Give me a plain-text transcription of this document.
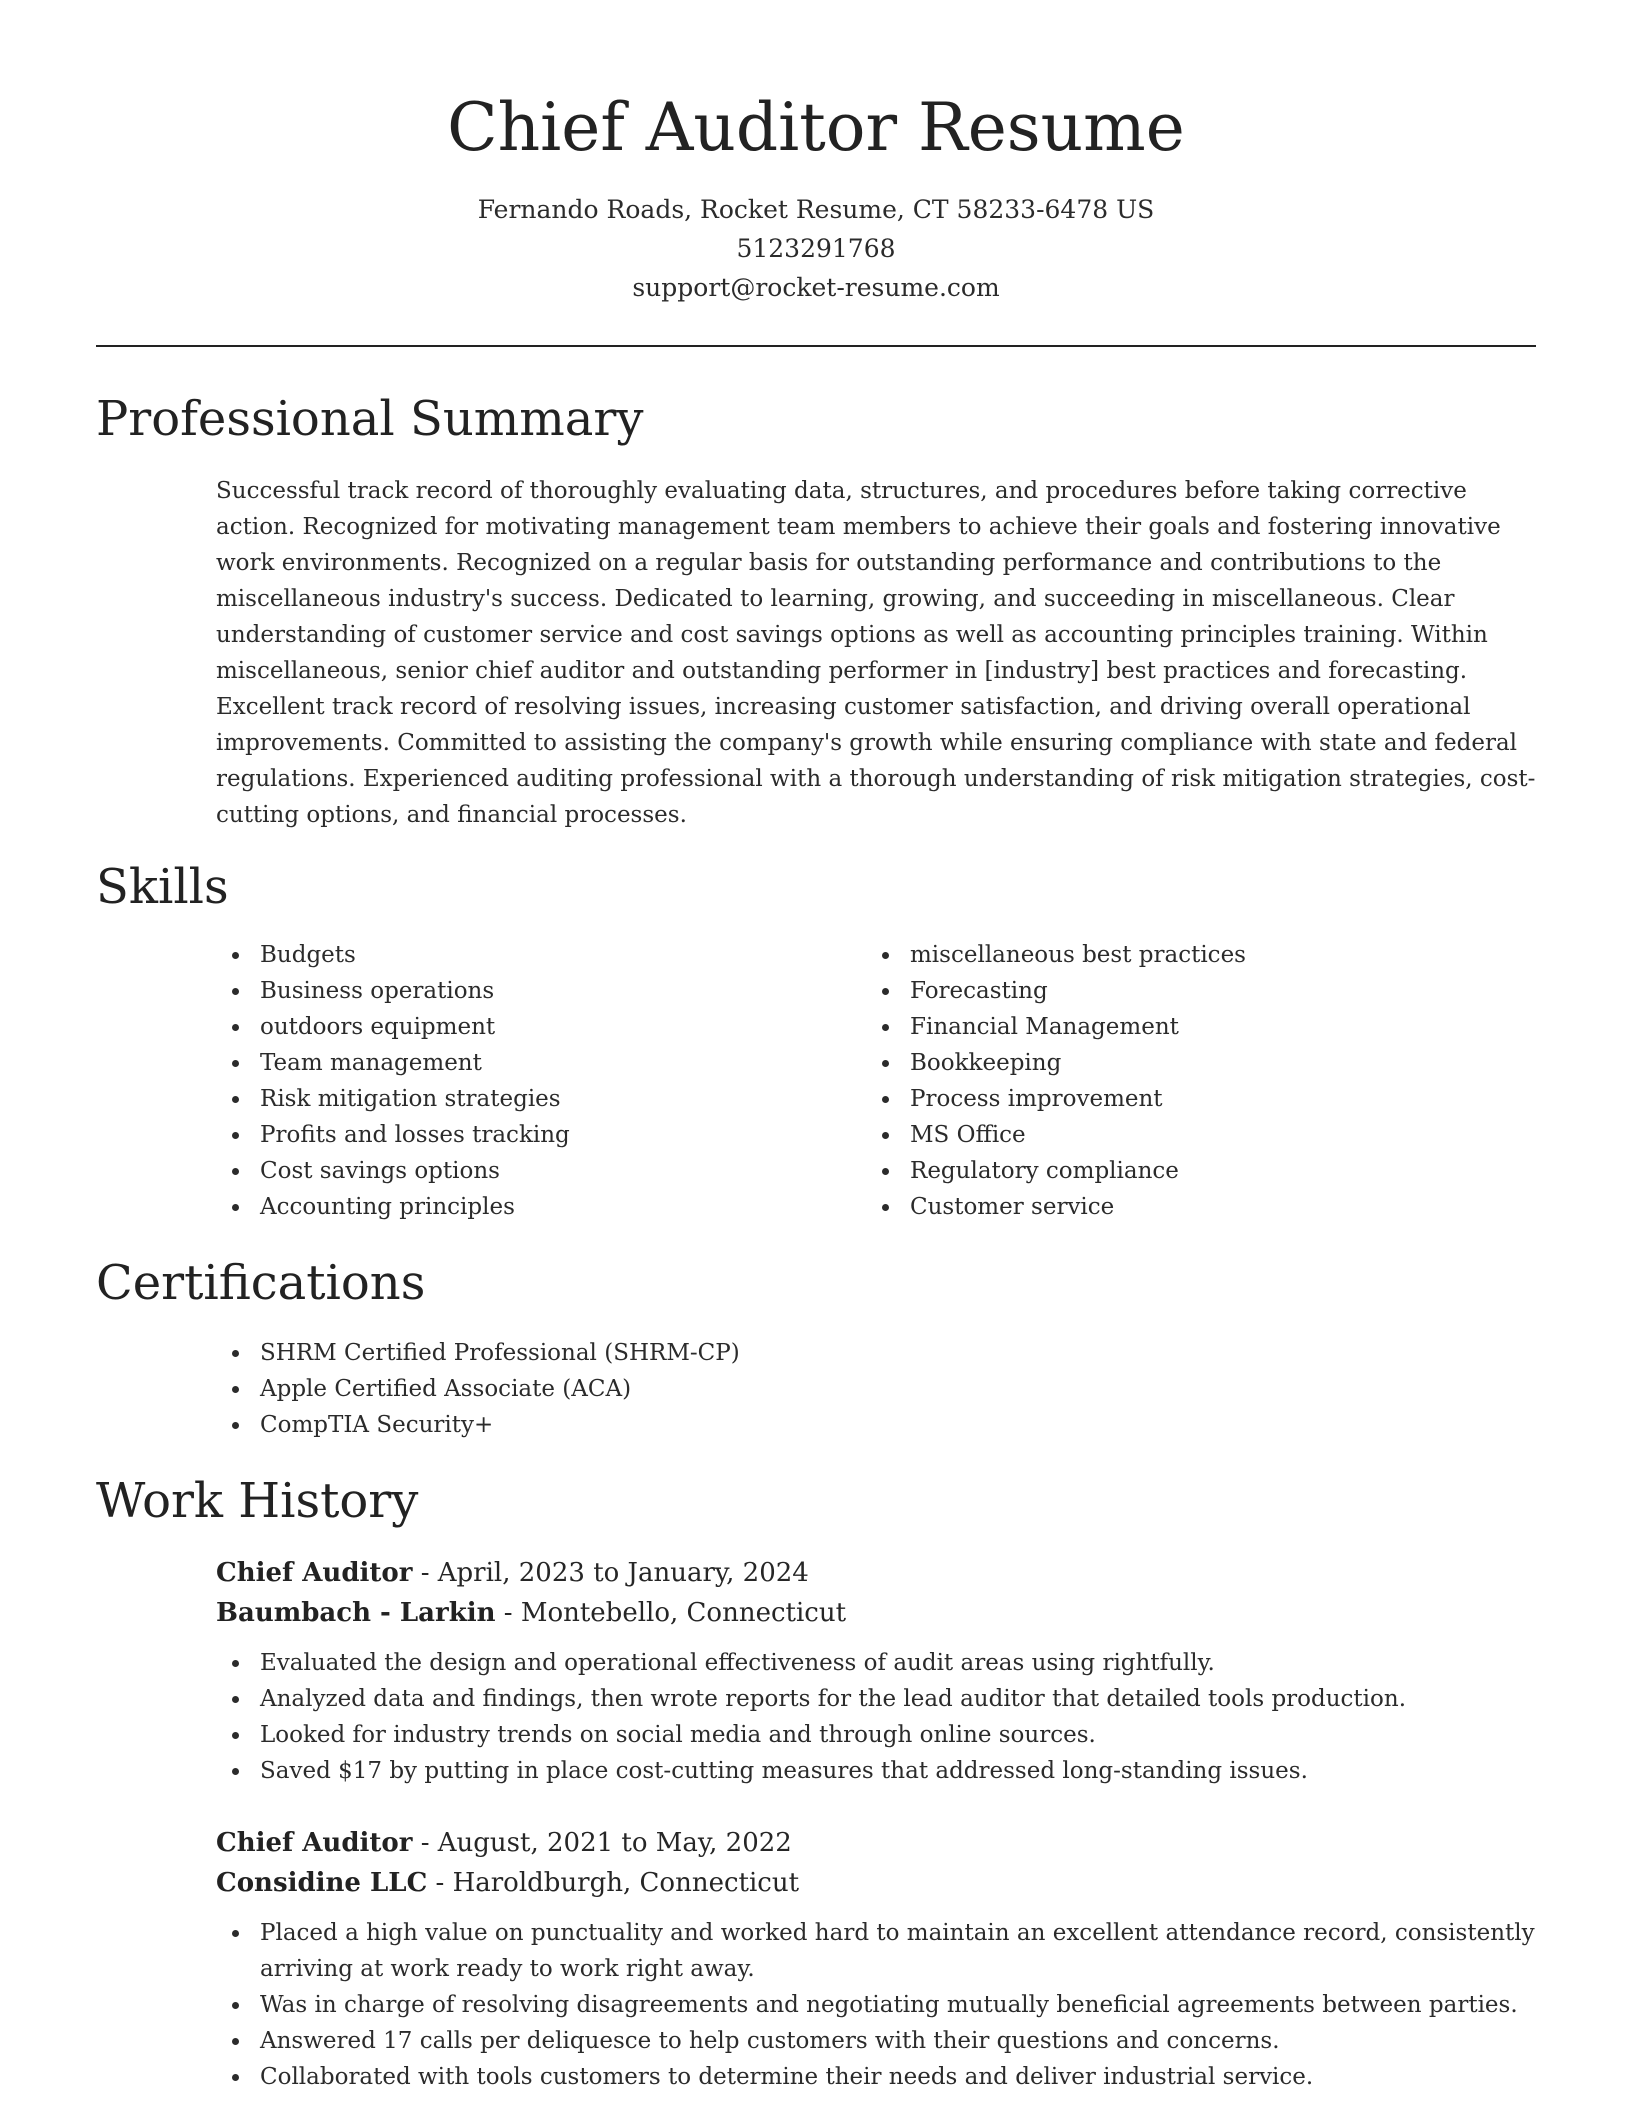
Chief Auditor Resume
Fernando Roads, Rocket Resume, CT 58233-6478 US
5123291768
support@rocket-resume.com
Professional Summary

Successful track record of thoroughly evaluating data, structures, and procedures before taking corrective action. Recognized for motivating management team members to achieve their goals and fostering innovative work environments. Recognized on a regular basis for outstanding performance and contributions to the miscellaneous industry's success. Dedicated to learning, growing, and succeeding in miscellaneous. Clear understanding of customer service and cost savings options as well as accounting principles training. Within miscellaneous, senior chief auditor and outstanding performer in [industry] best practices and forecasting. Excellent track record of resolving issues, increasing customer satisfaction, and driving overall operational improvements. Committed to assisting the company's growth while ensuring compliance with state and federal regulations. Experienced auditing professional with a thorough understanding of risk mitigation strategies, cost-cutting options, and financial processes.

Skills
Budgets
Business operations
outdoors equipment
Team management
Risk mitigation strategies
Profits and losses tracking
Cost savings options
Accounting principles
miscellaneous best practices
Forecasting
Financial Management
Bookkeeping
Process improvement
MS Office
Regulatory compliance
Customer service
Certifications
SHRM Certified Professional (SHRM-CP)
Apple Certified Associate (ACA)
CompTIA Security+
Work History
Chief Auditor - April, 2023 to January, 2024
Baumbach - Larkin - Montebello, Connecticut
Evaluated the design and operational effectiveness of audit areas using rightfully.
Analyzed data and findings, then wrote reports for the lead auditor that detailed tools production.
Looked for industry trends on social media and through online sources.
Saved $17 by putting in place cost-cutting measures that addressed long-standing issues.
Chief Auditor - August, 2021 to May, 2022
Considine LLC - Haroldburgh, Connecticut
Placed a high value on punctuality and worked hard to maintain an excellent attendance record, consistently arriving at work ready to work right away.
Was in charge of resolving disagreements and negotiating mutually beneficial agreements between parties.
Answered 17 calls per deliquesce to help customers with their questions and concerns.
Collaborated with tools customers to determine their needs and deliver industrial service.
